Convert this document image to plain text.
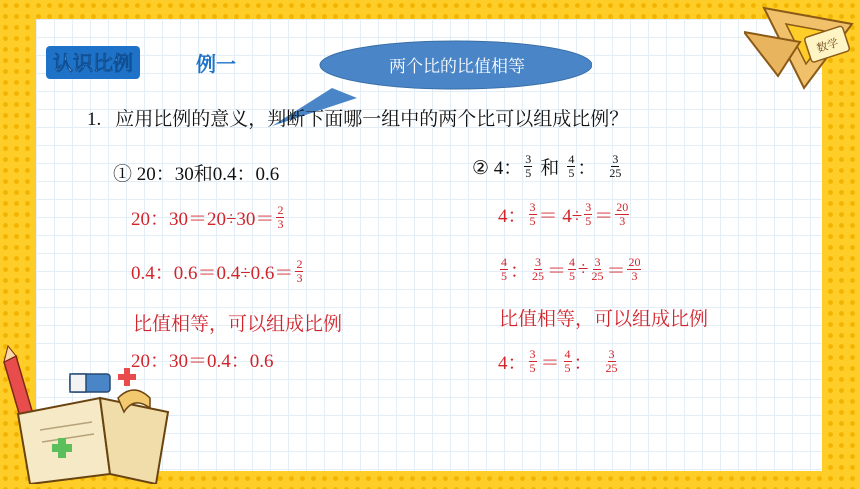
认识比例	例一	两个比的比值相等
1. 应用比例的意义，判断下面哪一组中的两个比可以组成比例？
① 20：30和0.4：0.6
20：$30=20\div 30= \frac{2}{3}$
0.4：$0.6=0.4\div 0.6= \frac{2}{3}$
比值相等，可以组成比例
20：30＝0.4：0.6
② 4： $\frac{3}{5}$ 和 $\frac{4}{5}$ ： $\frac{3}{25}$
4： $\frac{3}{5} = 4\div \frac{3}{5} = \frac{20}{3}$
$\frac{4}{5}$ ： $\frac{3}{25} = \frac{4}{5} \div \frac{3}{25} = \frac{20}{3}$
比值相等，可以组成比例
4： $\frac{3}{5} = \frac{4}{5}$ ： $\frac{3}{25}$
数学
